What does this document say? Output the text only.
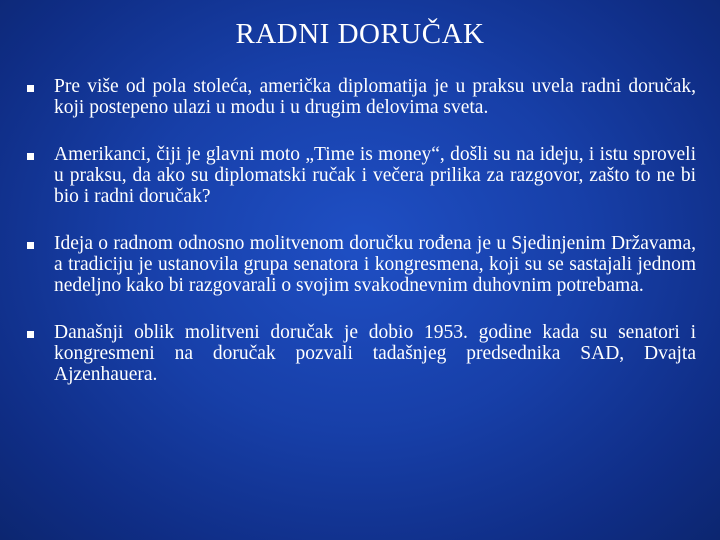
RADNI DORUČAK
Pre više od pola stoleća, američka diplomatija je u praksu uvela radni doručak, koji postepeno ulazi u modu i u drugim delovima sveta.
Amerikanci, čiji je glavni moto „Time is money“, došli su na ideju, i istu sproveli u praksu, da ako su diplomatski ručak i večera prilika za razgovor, zašto to ne bi bio i radni doručak?
Ideja o radnom odnosno molitvenom doručku rođena je u Sjedinjenim Državama, a tradiciju je ustanovila grupa senatora i kongresmena, koji su se sastajali jednom nedeljno kako bi razgovarali o svojim svakodnevnim duhovnim potrebama.
Današnji oblik molitveni doručak je dobio 1953. godine kada su senatori i kongresmeni na doručak pozvali tadašnjeg predsednika SAD, Dvajta Ajzenhauera.
